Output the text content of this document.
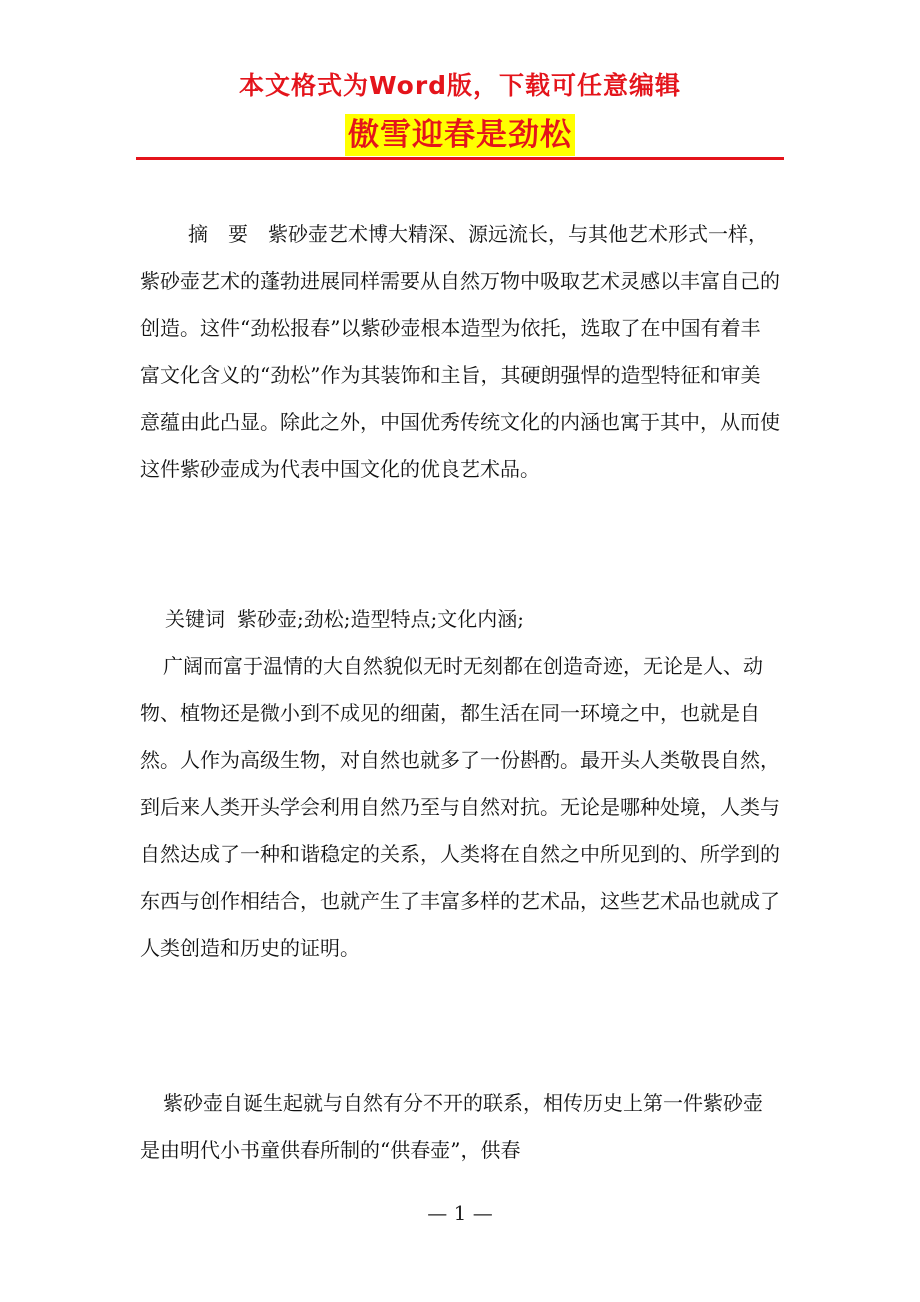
本文格式为Word版，下载可任意编辑
傲雪迎春是劲松

摘　要 紫砂壶艺术博大精深、源远流长，与其他艺术形式一样，紫砂壶艺术的蓬勃进展同样需要从自然万物中吸取艺术灵感以丰富自己的创造。这件“劲松报春”以紫砂壶根本造型为依托，选取了在中国有着丰富文化含义的“劲松”作为其装饰和主旨，其硬朗强悍的造型特征和审美意蕴由此凸显。除此之外，中国优秀传统文化的内涵也寓于其中，从而使这件紫砂壶成为代表中国文化的优良艺术品。

关键词 紫砂壶;劲松;造型特点;文化内涵;

广阔而富于温情的大自然貌似无时无刻都在创造奇迹，无论是人、动物、植物还是微小到不成见的细菌，都生活在同一环境之中，也就是自然。人作为高级生物，对自然也就多了一份斟酌。最开头人类敬畏自然，到后来人类开头学会利用自然乃至与自然对抗。无论是哪种处境，人类与自然达成了一种和谐稳定的关系，人类将在自然之中所见到的、所学到的东西与创作相结合，也就产生了丰富多样的艺术品，这些艺术品也就成了人类创造和历史的证明。

紫砂壶自诞生起就与自然有分不开的联系，相传历史上第一件紫砂壶是由明代小书童供春所制的“供春壶”，供春

— 1 —
